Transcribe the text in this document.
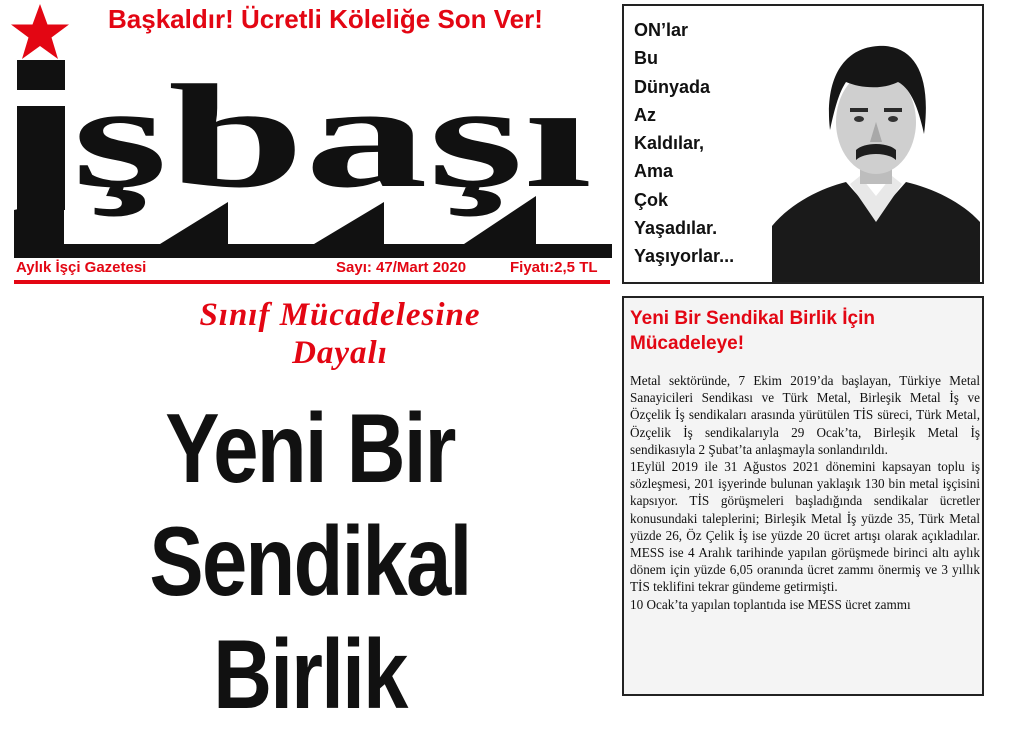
Başkaldır! Ücretli Köleliğe Son Ver!
şbaşı
Aylık İşçi Gazetesi	Sayı: 47/Mart 2020	Fiyatı:2,5 TL
Sınıf Mücadelesine
Dayalı
Yeni Bir
Sendikal
Birlik
ON’lar
Bu
Dünyada
Az
Kaldılar,
Ama
Çok
Yaşadılar.
Yaşıyorlar...
Yeni Bir Sendikal Birlik İçin Mücadeleye!

Metal sektöründe, 7 Ekim 2019’da başlayan, Türkiye Metal Sanayicileri Sendikası ve Türk Metal, Birleşik Metal İş ve Özçelik İş sendikaları arasında yürütülen TİS süreci, Türk Metal, Özçelik İş sendikalarıyla 29 Ocak’ta, Birleşik Metal İş sendikasıyla 2 Şubat’ta anlaşmayla sonlandırıldı.

1Eylül 2019 ile 31 Ağustos 2021 dönemini kapsayan toplu iş sözleşmesi, 201 işyerinde bulunan yaklaşık 130 bin metal işçisini kapsıyor. TİS görüşmeleri başladığında sendikalar ücretler konusundaki taleplerini; Birleşik Metal İş yüzde 35, Türk Metal yüzde 26, Öz Çelik İş ise yüzde 20 ücret artışı olarak açıkladılar. MESS ise 4 Aralık tarihinde yapılan görüşmede birinci altı aylık dönem için yüzde 6,05 oranında ücret zammı önermiş ve 3 yıllık TİS teklifini tekrar gündeme getirmişti.

10 Ocak’ta yapılan toplantıda ise MESS ücret zammı
